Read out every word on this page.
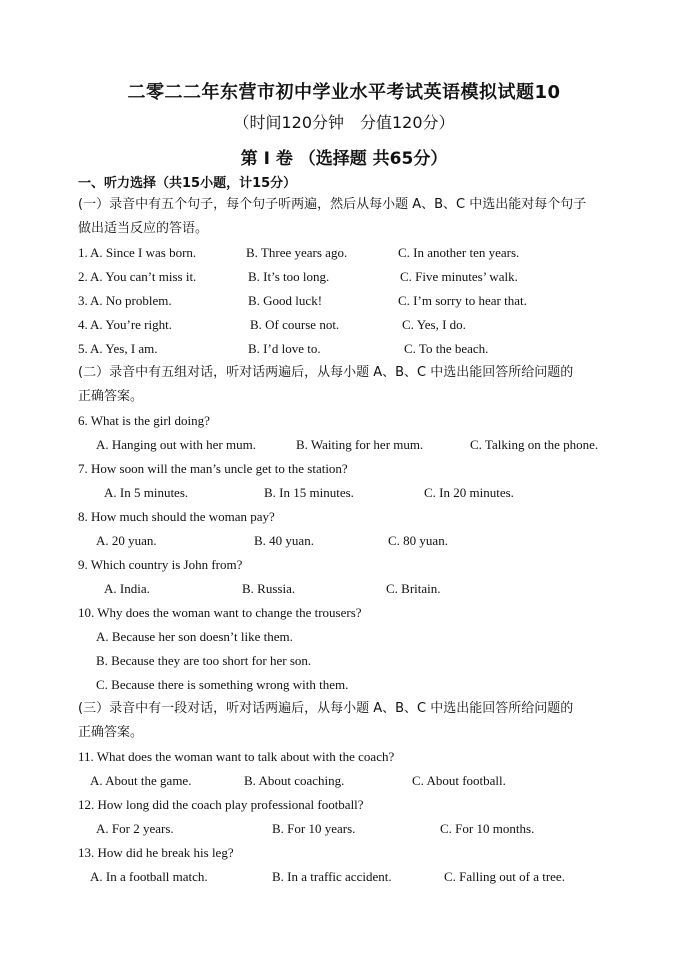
二零二二年东营市初中学业水平考试英语模拟试题10
（时间120分钟　分值120分）
第 I 卷 （选择题 共65分）
一、听力选择（共15小题，计15分）
(一）录音中有五个句子，每个句子听两遍，然后从每小题 A、B、C 中选出能对每个句子
做出适当反应的答语。
1. A. Since I was born.	B. Three years ago.	C. In another ten years.
2. A. You can’t miss it.	B. It’s too long.	C. Five minutes’ walk.
3. A. No problem.	B. Good luck!	C. I’m sorry to hear that.
4. A. You’re right.	B. Of course not.	C. Yes, I do.
5. A. Yes, I am.	B. I’d love to.	C. To the beach.
(二）录音中有五组对话，听对话两遍后，从每小题 A、B、C 中选出能回答所给问题的
正确答案。
6. What is the girl doing?
A. Hanging out with her mum.	B. Waiting for her mum.	C. Talking on the phone.
7. How soon will the man’s uncle get to the station?
A. In 5 minutes.	B. In 15 minutes.	C. In 20 minutes.
8. How much should the woman pay?
A. 20 yuan.	B. 40 yuan.	C. 80 yuan.
9. Which country is John from?
A. India.	B. Russia.	C. Britain.
10. Why does the woman want to change the trousers?
A. Because her son doesn’t like them.
B. Because they are too short for her son.
C. Because there is something wrong with them.
(三）录音中有一段对话，听对话两遍后，从每小题 A、B、C 中选出能回答所给问题的
正确答案。
11. What does the woman want to talk about with the coach?
A. About the game.	B. About coaching.	C. About football.
12. How long did the coach play professional football?
A. For 2 years.	B. For 10 years.	C. For 10 months.
13. How did he break his leg?
A. In a football match.	B. In a traffic accident.	C. Falling out of a tree.
